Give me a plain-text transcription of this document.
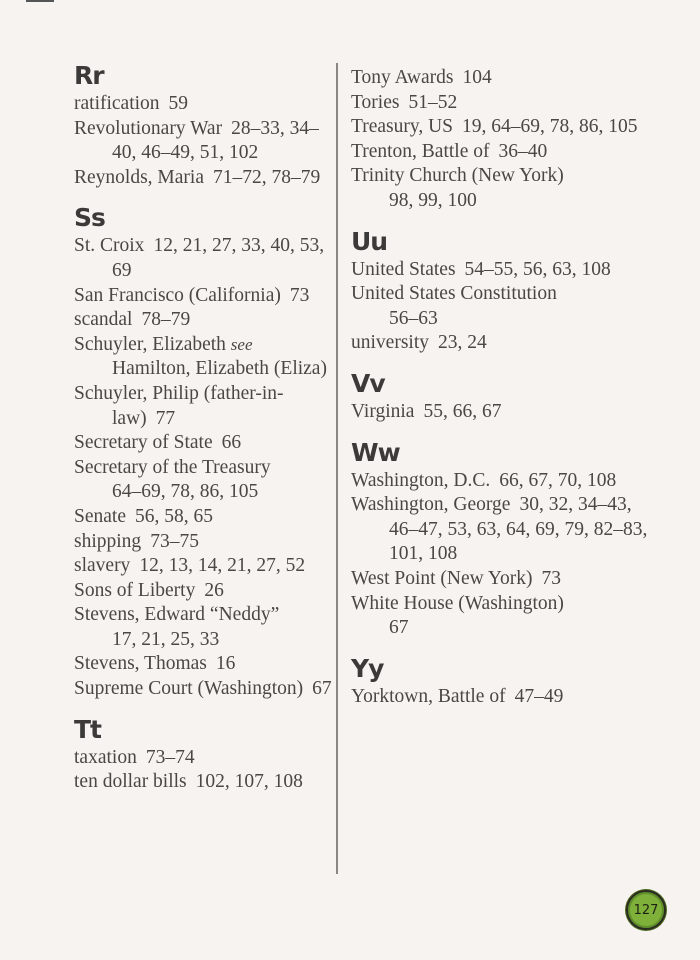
Rr
ratification 59
Revolutionary War 28–33, 34–40, 46–49, 51, 102
Reynolds, Maria 71–72, 78–79
Ss
St. Croix 12, 21, 27, 33, 40, 53, 69
San Francisco (California) 73
scandal 78–79
Schuyler, Elizabeth see
Hamilton, Elizabeth (Eliza)
Schuyler, Philip (father-in-law) 77
Secretary of State 66
Secretary of the Treasury
64–69, 78, 86, 105
Senate 56, 58, 65
shipping 73–75
slavery 12, 13, 14, 21, 27, 52
Sons of Liberty 26
Stevens, Edward “Neddy”
17, 21, 25, 33
Stevens, Thomas 16
Supreme Court (Washington) 67
Tt
taxation 73–74
ten dollar bills 102, 107, 108
Tony Awards 104
Tories 51–52
Treasury, US 19, 64–69, 78, 86, 105
Trenton, Battle of 36–40
Trinity Church (New York)
98, 99, 100
Uu
United States 54–55, 56, 63, 108
United States Constitution
56–63
university 23, 24
Vv
Virginia 55, 66, 67
Ww
Washington, D.C. 66, 67, 70, 108
Washington, George 30, 32, 34–43, 46–47, 53, 63, 64, 69, 79, 82–83, 101, 108
West Point (New York) 73
White House (Washington)
67
Yy
Yorktown, Battle of 47–49
127
